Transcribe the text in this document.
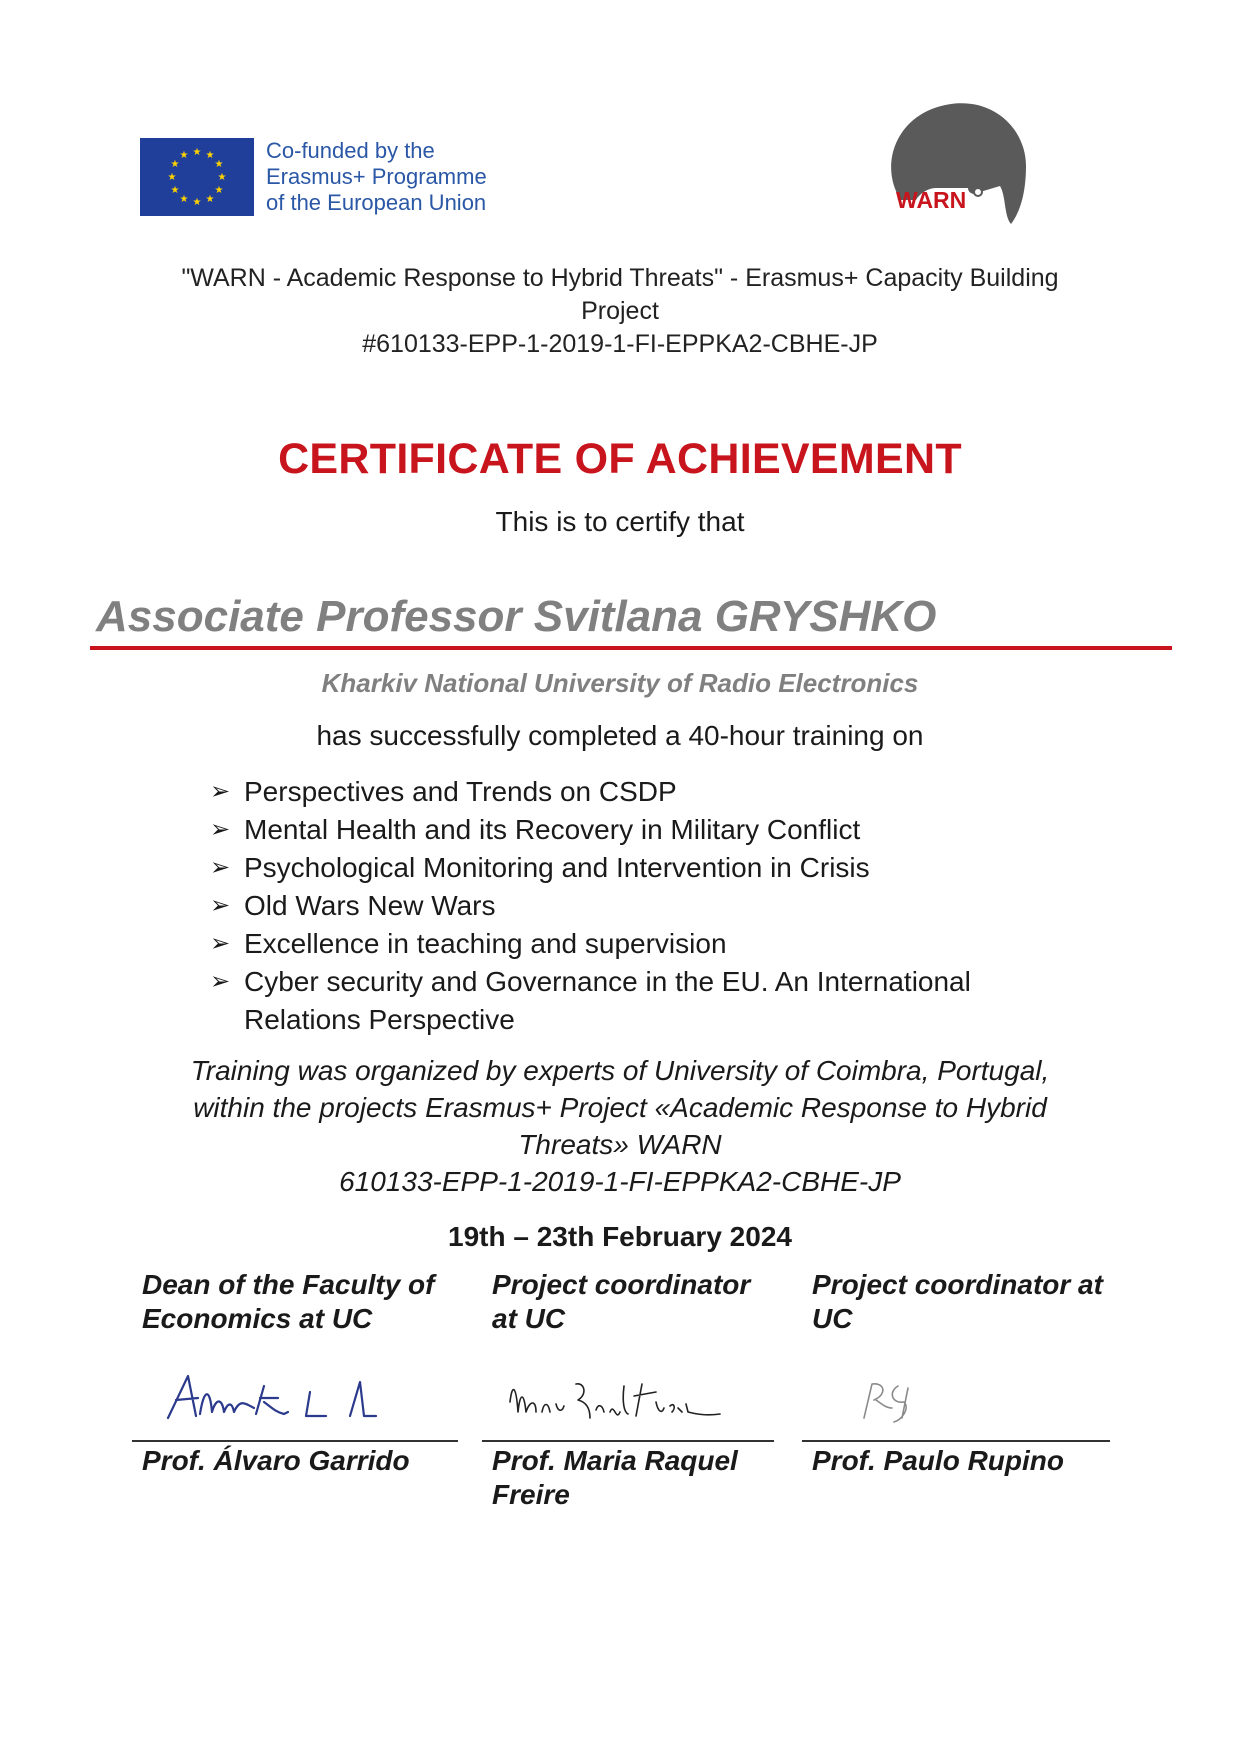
★ ★
★
★
★
★
★
★
★
★
★
★	Co-funded by the
Erasmus+ Programme
of the European Union	WARN
"WARN - Academic Response to Hybrid Threats" - Erasmus+ Capacity Building
Project
#610133-EPP-1-2019-1-FI-EPPKA2-CBHE-JP
CERTIFICATE OF ACHIEVEMENT
This is to certify that
Associate Professor Svitlana GRYSHKO
Kharkiv National University of Radio Electronics
has successfully completed a 40-hour training on
➢ Perspectives and Trends on CSDP
➢ Mental Health and its Recovery in Military Conflict
➢ Psychological Monitoring and Intervention in Crisis
➢ Old Wars New Wars
➢ Excellence in teaching and supervision
➢ Cyber security and Governance in the EU. An International Relations Perspective
Training was organized by experts of University of Coimbra, Portugal,
within the projects Erasmus+ Project «Academic Response to Hybrid
Threats» WARN
610133-EPP-1-2019-1-FI-EPPKA2-CBHE-JP
19th – 23th February 2024
Dean of the Faculty of Economics at UC
Project coordinator at UC
Project coordinator at UC
Prof. Álvaro Garrido	Prof. Maria Raquel Freire
Prof. Paulo Rupino
